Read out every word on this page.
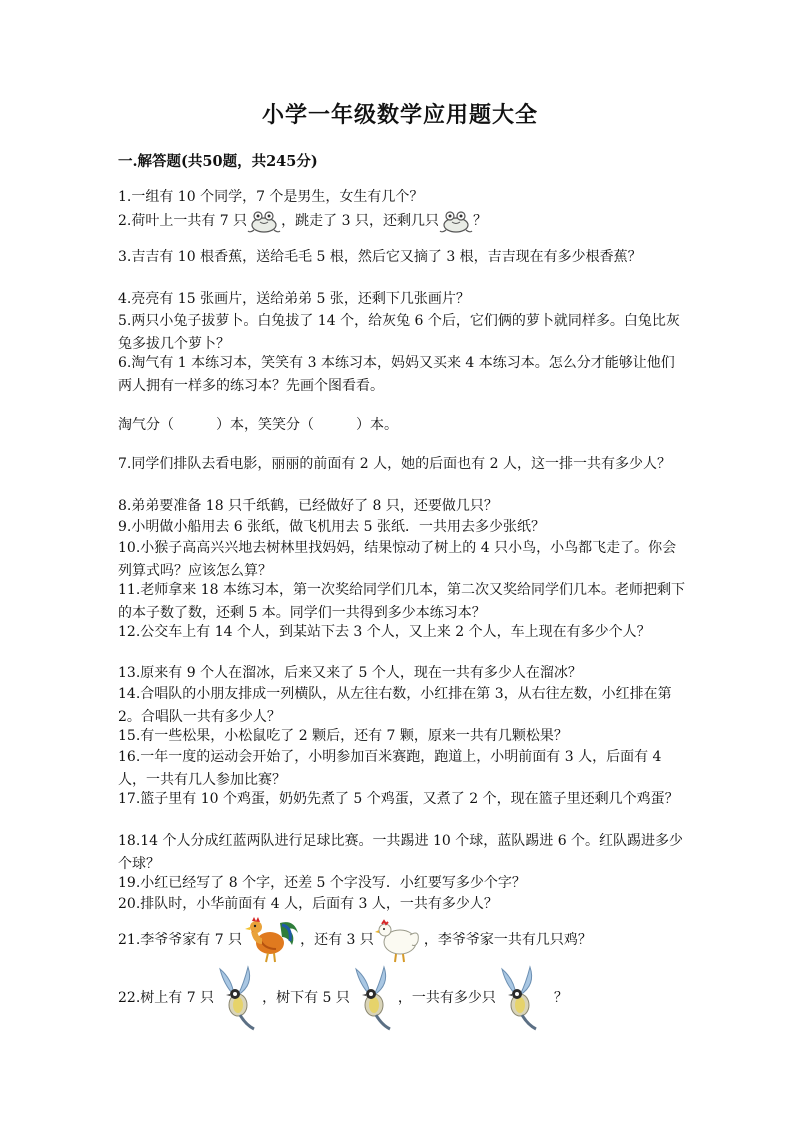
小学一年级数学应用题大全
一.解答题(共50题，共245分)
1.一组有 10 个同学，7 个是男生，女生有几个？
2.荷叶上一共有 7 只 ，跳走了 3 只，还剩几只 ？
3.吉吉有 10 根香蕉，送给毛毛 5 根，然后它又摘了 3 根，吉吉现在有多少根香蕉？
4.亮亮有 15 张画片，送给弟弟 5 张，还剩下几张画片？
5.两只小兔子拔萝卜。白兔拔了 14 个，给灰兔 6 个后，它们俩的萝卜就同样多。白兔比灰兔多拔几个萝卜？
6.淘气有 1 本练习本，笑笑有 3 本练习本，妈妈又买来 4 本练习本。怎么分才能够让他们两人拥有一样多的练习本？先画个图看看。
淘气分（　　　）本，笑笑分（　　　）本。
7.同学们排队去看电影，丽丽的前面有 2 人，她的后面也有 2 人，这一排一共有多少人？
8.弟弟要准备 18 只千纸鹤，已经做好了 8 只，还要做几只？
9.小明做小船用去 6 张纸，做飞机用去 5 张纸．一共用去多少张纸？
10.小猴子高高兴兴地去树林里找妈妈，结果惊动了树上的 4 只小鸟，小鸟都飞走了。你会列算式吗？应该怎么算？
11.老师拿来 18 本练习本，第一次奖给同学们几本，第二次又奖给同学们几本。老师把剩下的本子数了数，还剩 5 本。同学们一共得到多少本练习本？
12.公交车上有 14 个人，到某站下去 3 个人，又上来 2 个人，车上现在有多少个人？
13.原来有 9 个人在溜冰，后来又来了 5 个人，现在一共有多少人在溜冰？
14.合唱队的小朋友排成一列横队，从左往右数，小红排在第 3，从右往左数，小红排在第 2。合唱队一共有多少人？
15.有一些松果，小松鼠吃了 2 颗后，还有 7 颗，原来一共有几颗松果？
16.一年一度的运动会开始了，小明参加百米赛跑，跑道上，小明前面有 3 人，后面有 4 人，一共有几人参加比赛？
17.篮子里有 10 个鸡蛋，奶奶先煮了 5 个鸡蛋，又煮了 2 个，现在篮子里还剩几个鸡蛋？
18.14 个人分成红蓝两队进行足球比赛。一共踢进 10 个球，蓝队踢进 6 个。红队踢进多少个球？
19.小红已经写了 8 个字，还差 5 个字没写．小红要写多少个字？
20.排队时，小华前面有 4 人，后面有 3 人，一共有多少人？
21.李爷爷家有 7 只	，还有 3 只	，李爷爷家一共有几只鸡？
22.树上有 7 只	，树下有 5 只	，一共有多少只	？
